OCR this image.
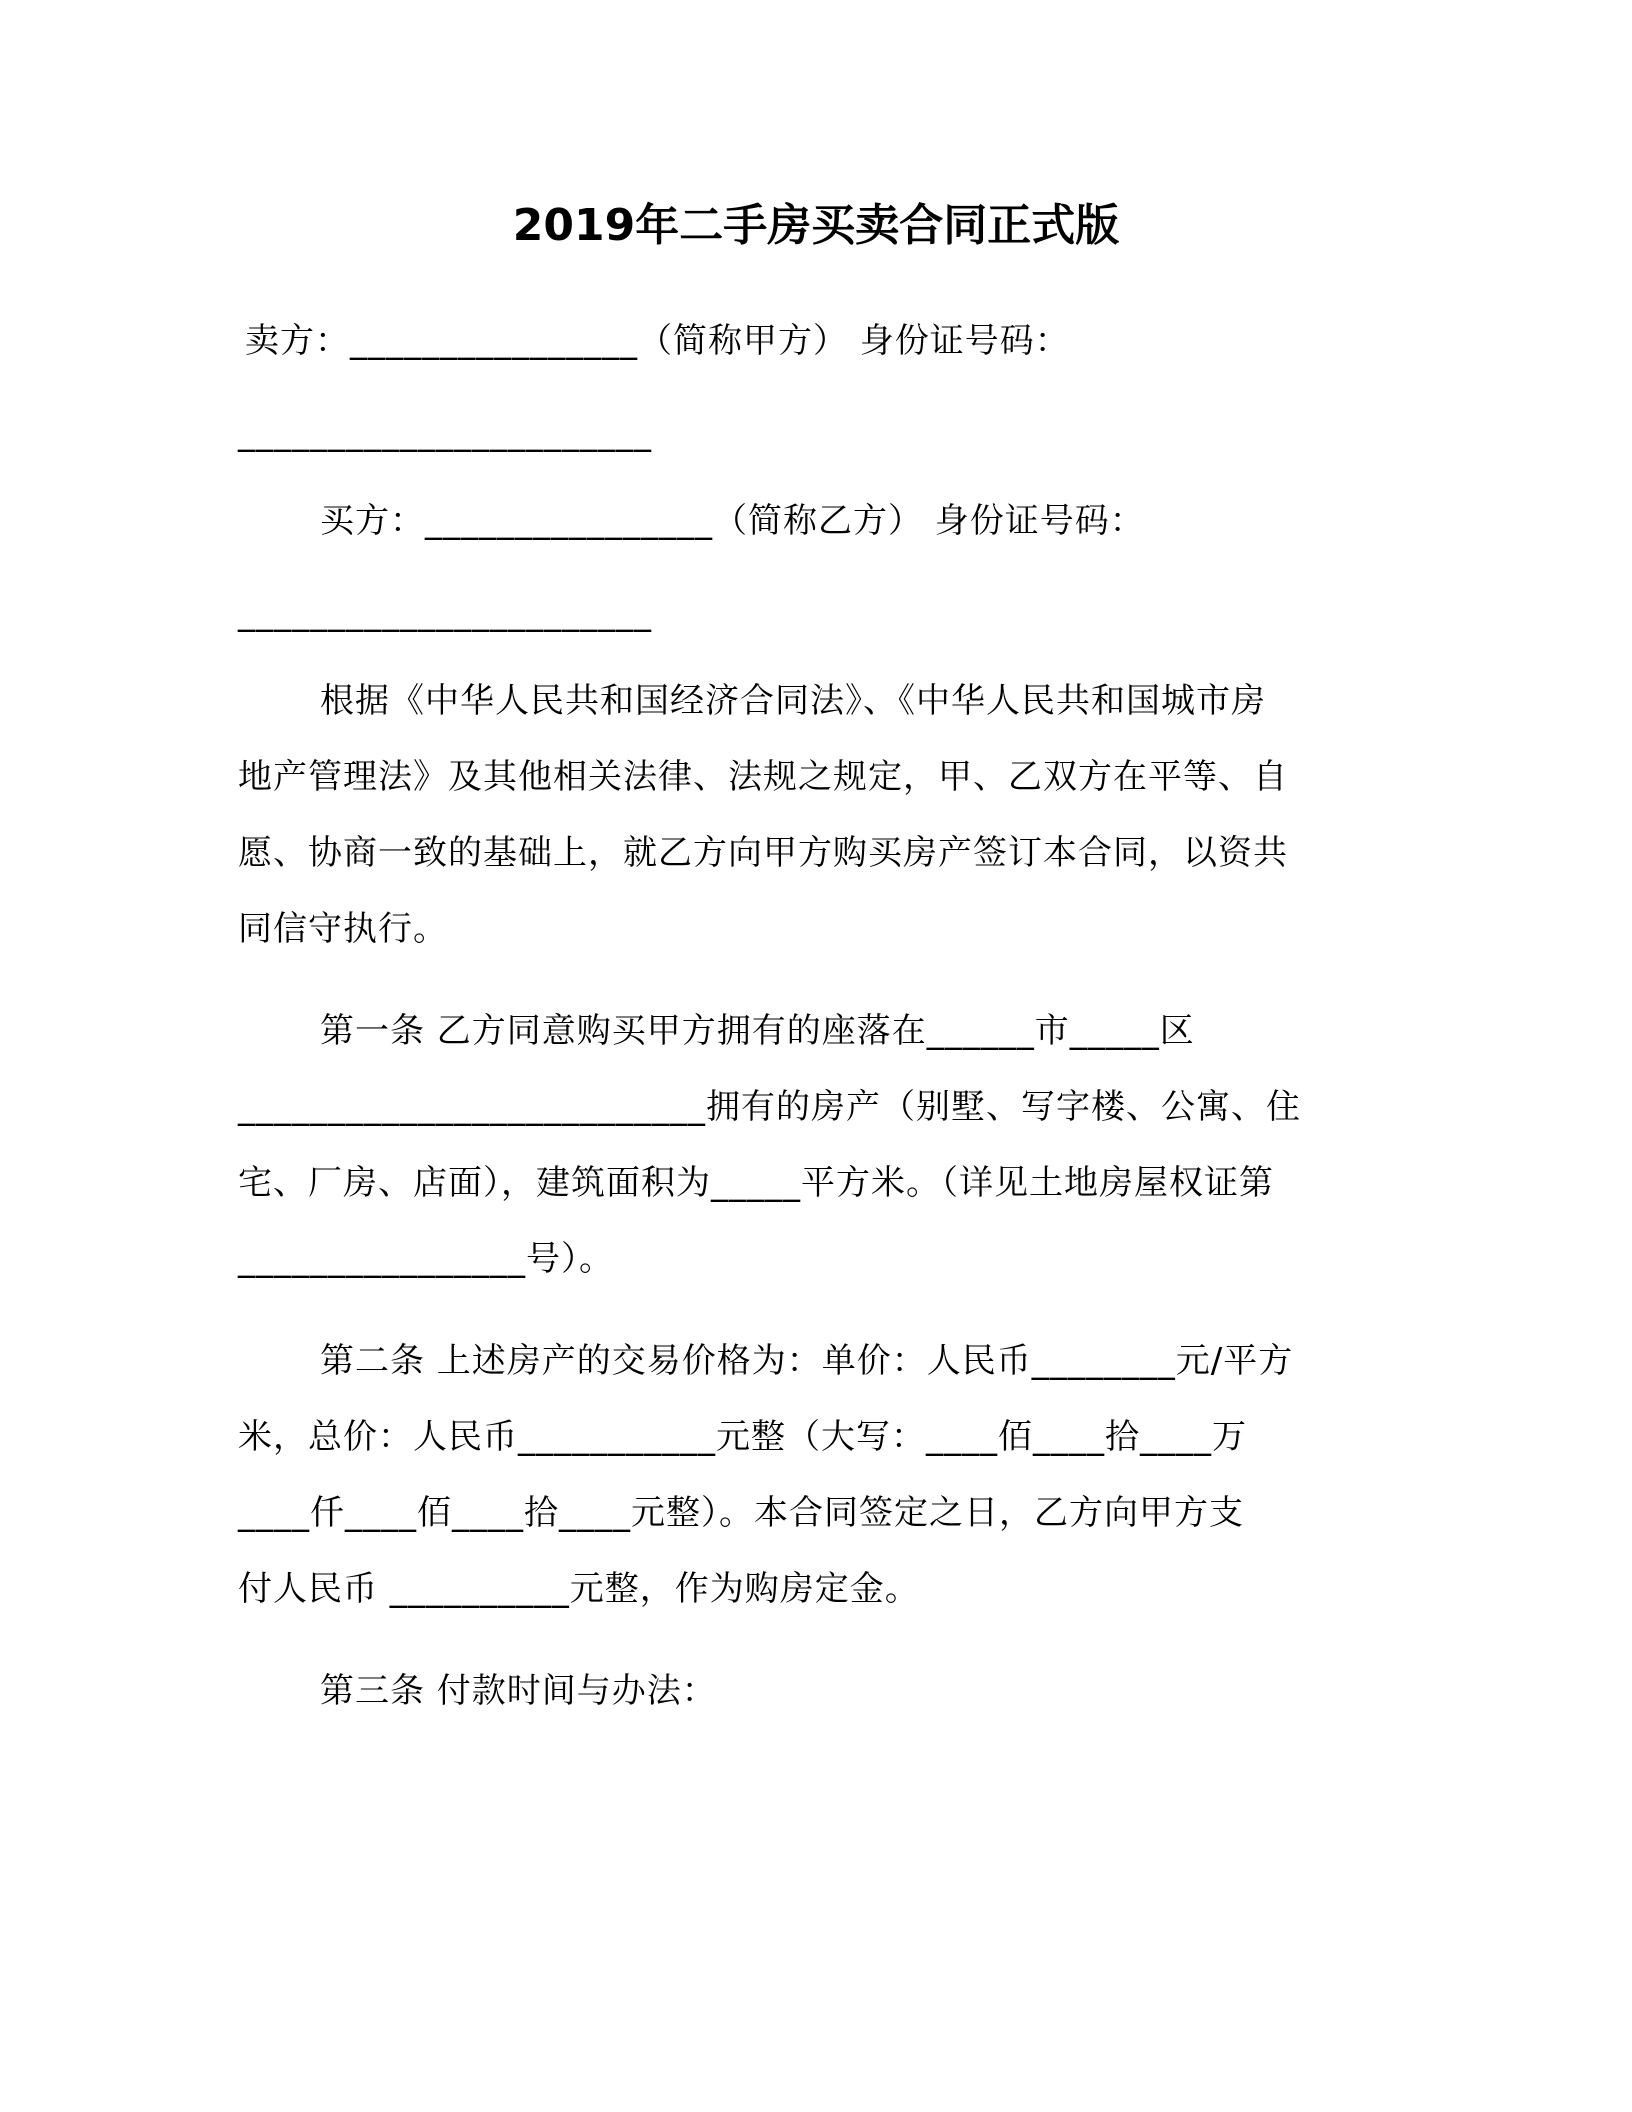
2019年二手房买卖合同正式版
卖方：________________（简称甲方） 身份证号码：
_______________________
买方：________________（简称乙方） 身份证号码：
_______________________
根据《中华人民共和国经济合同法》、《中华人民共和国城市房
地产管理法》及其他相关法律、法规之规定，甲、乙双方在平等、自
愿、协商一致的基础上，就乙方向甲方购买房产签订本合同，以资共
同信守执行。
第一条 乙方同意购买甲方拥有的座落在______市_____区
__________________________拥有的房产（别墅、写字楼、公寓、住
宅、厂房、店面），建筑面积为_____平方米。（详见土地房屋权证第
________________号）。
第二条 上述房产的交易价格为：单价：人民币________元/平方
米，总价：人民币___________元整（大写：____佰____拾____万
____仟____佰____拾____元整）。本合同签定之日，乙方向甲方支
付人民币 __________元整，作为购房定金。
第三条 付款时间与办法：
